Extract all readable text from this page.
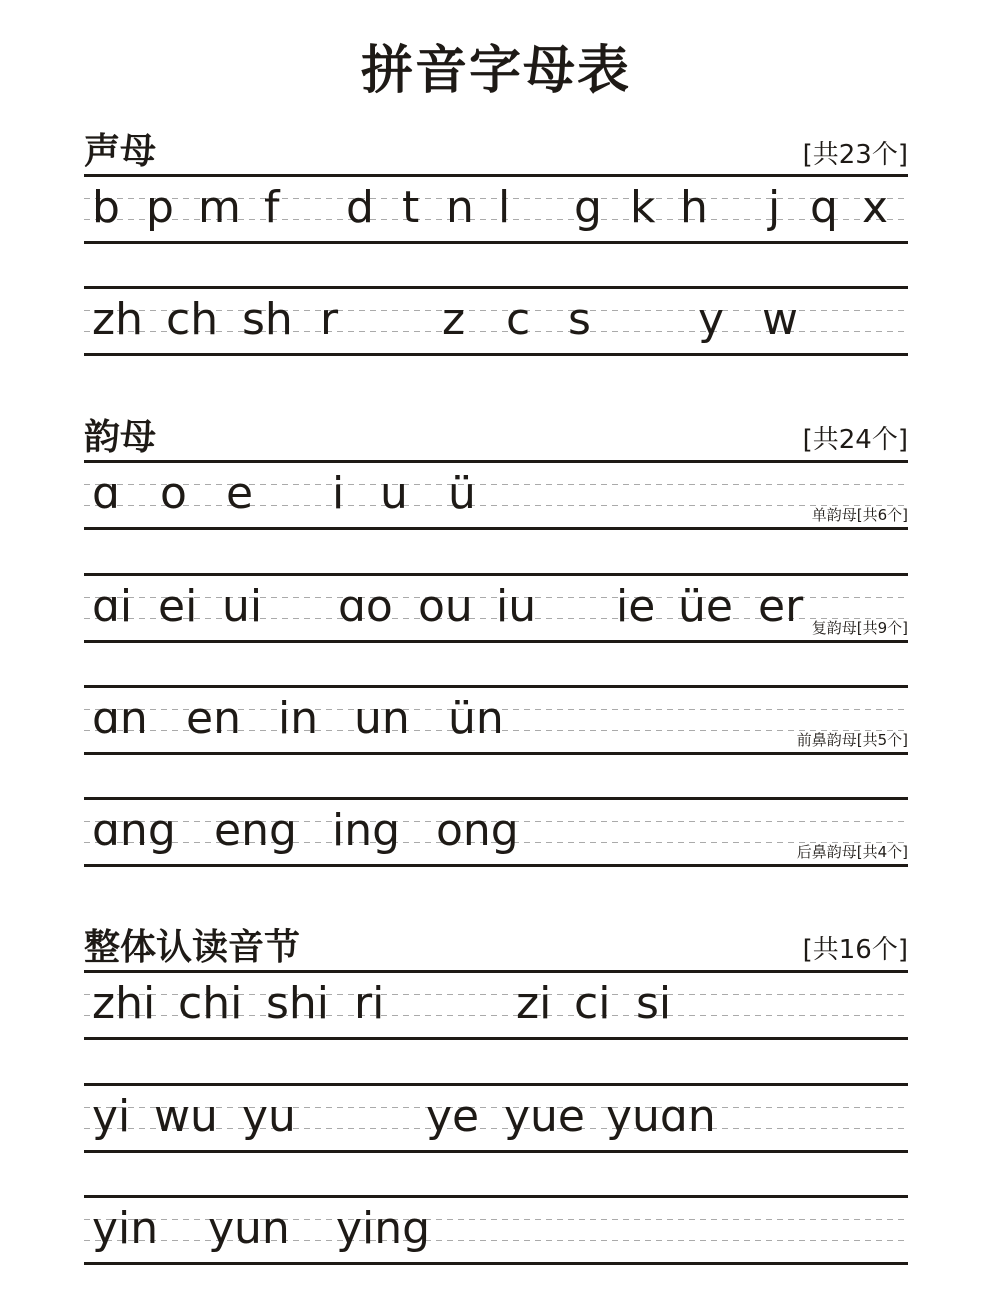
拼音字母表
声母	[共23个]
b p m f d t n l g k h j q x
zh ch sh r z c s y w
韵母	[共24个]
ɑ o e i u ü	单韵母[共6个]
ɑi ei ui ɑo ou iu ie üe er 复韵母[共9个]
ɑn en in un ün	前鼻韵母[共5个]
ɑng eng ing ong	后鼻韵母[共4个]
整体认读音节	[共16个]
zhi chi shi ri	zi ci si
yi wu yu	ye yue yuɑn
yin yun ying
